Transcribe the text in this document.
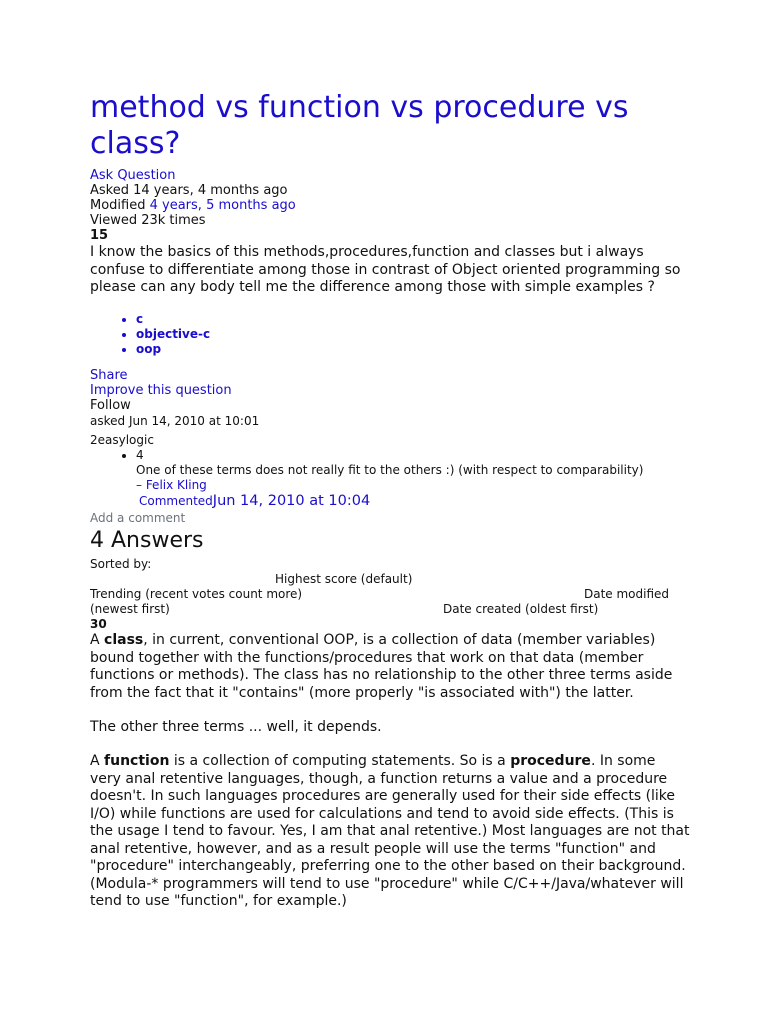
method vs function vs procedure vs class?
Ask Question
Asked 14 years, 4 months ago
Modified 4 years, 5 months ago
Viewed 23k times
15

I know the basics of this methods,procedures,function and classes but i always confuse to differentiate among those in contrast of Object oriented programming so please can any body tell me the difference among those with simple examples ?

• c
• objective-c
• oop
Share
Improve this question
Follow
asked Jun 14, 2010 at 10:01
2easylogic
• 4
One of these terms does not really fit to the others :) (with respect to comparability)
– Felix Kling
CommentedJun 14, 2010 at 10:04
Add a comment
4 Answers
Sorted by:
Highest score (default)
Trending (recent votes count more)	Date modified
(newest first)	Date created (oldest first)
30

A class, in current, conventional OOP, is a collection of data (member variables) bound together with the functions/procedures that work on that data (member functions or methods). The class has no relationship to the other three terms aside from the fact that it "contains" (more properly "is associated with") the latter.

The other three terms ... well, it depends.

A function is a collection of computing statements. So is a procedure. In some very anal retentive languages, though, a function returns a value and a procedure doesn't. In such languages procedures are generally used for their side effects (like I/O) while functions are used for calculations and tend to avoid side effects. (This is the usage I tend to favour. Yes, I am that anal retentive.) Most languages are not that anal retentive, however, and as a result people will use the terms "function" and "procedure" interchangeably, preferring one to the other based on their background. (Modula-* programmers will tend to use "procedure" while C/C++/Java/whatever will tend to use "function", for example.)
